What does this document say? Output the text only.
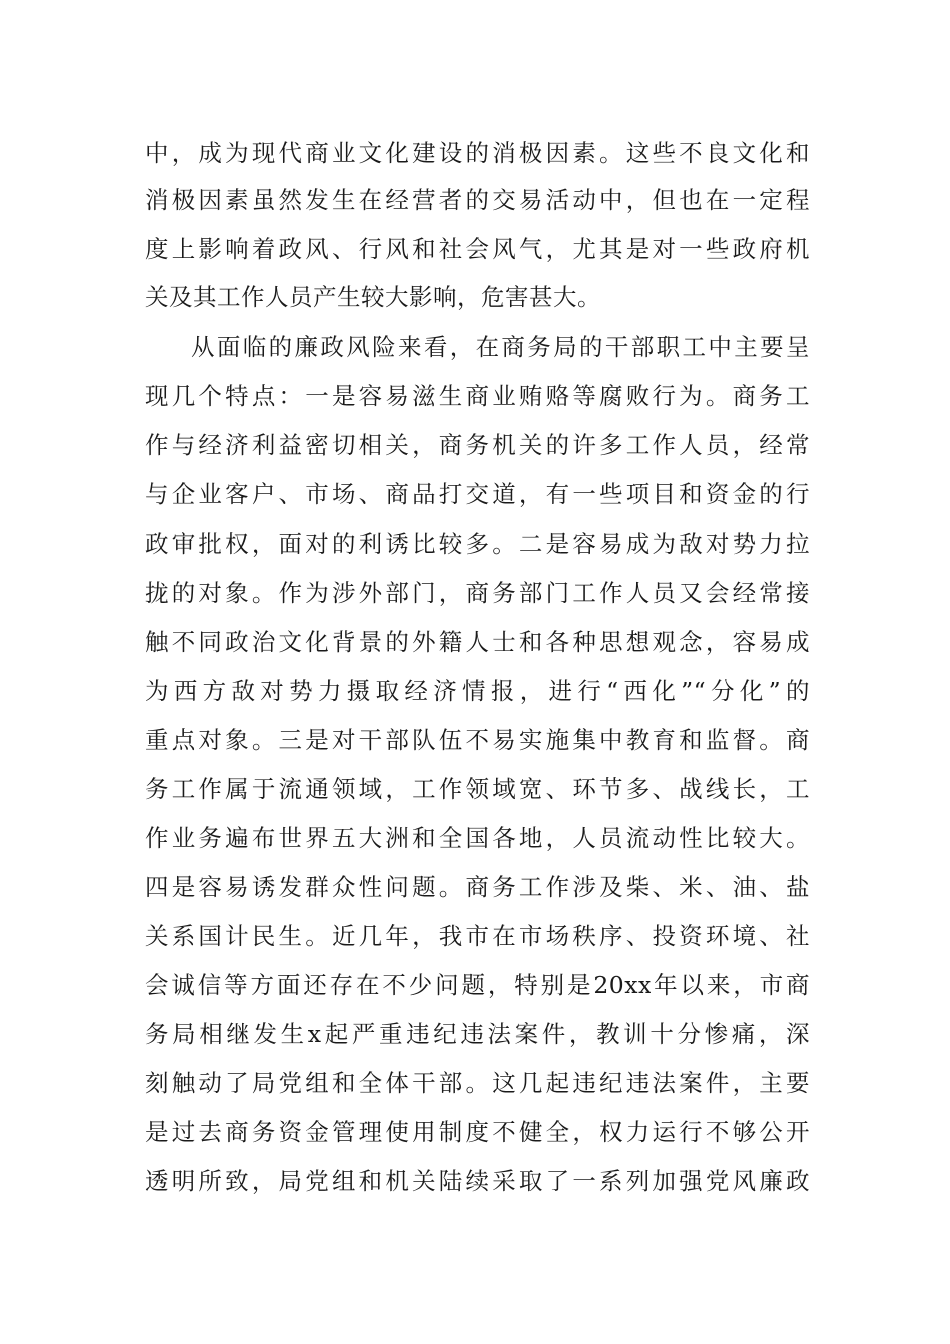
中，成为现代商业文化建设的消极因素。这些不良文化和
消极因素虽然发生在经营者的交易活动中，但也在一定程
度上影响着政风、行风和社会风气，尤其是对一些政府机
关及其工作人员产生较大影响，危害甚大。
从面临的廉政风险来看，在商务局的干部职工中主要呈
现几个特点：一是容易滋生商业贿赂等腐败行为。商务工
作与经济利益密切相关，商务机关的许多工作人员，经常
与企业客户、市场、商品打交道，有一些项目和资金的行
政审批权，面对的利诱比较多。二是容易成为敌对势力拉
拢的对象。作为涉外部门，商务部门工作人员又会经常接
触不同政治文化背景的外籍人士和各种思想观念，容易成
为西方敌对势力摄取经济情报，进行“西化”“分化”的
重点对象。三是对干部队伍不易实施集中教育和监督。商
务工作属于流通领域，工作领域宽、环节多、战线长，工
作业务遍布世界五大洲和全国各地，人员流动性比较大。
四是容易诱发群众性问题。商务工作涉及柴、米、油、盐
关系国计民生。近几年，我市在市场秩序、投资环境、社
会诚信等方面还存在不少问题，特别是20xx年以来，市商
务局相继发生x起严重违纪违法案件，教训十分惨痛，深
刻触动了局党组和全体干部。这几起违纪违法案件，主要
是过去商务资金管理使用制度不健全，权力运行不够公开
透明所致，局党组和机关陆续采取了一系列加强党风廉政
